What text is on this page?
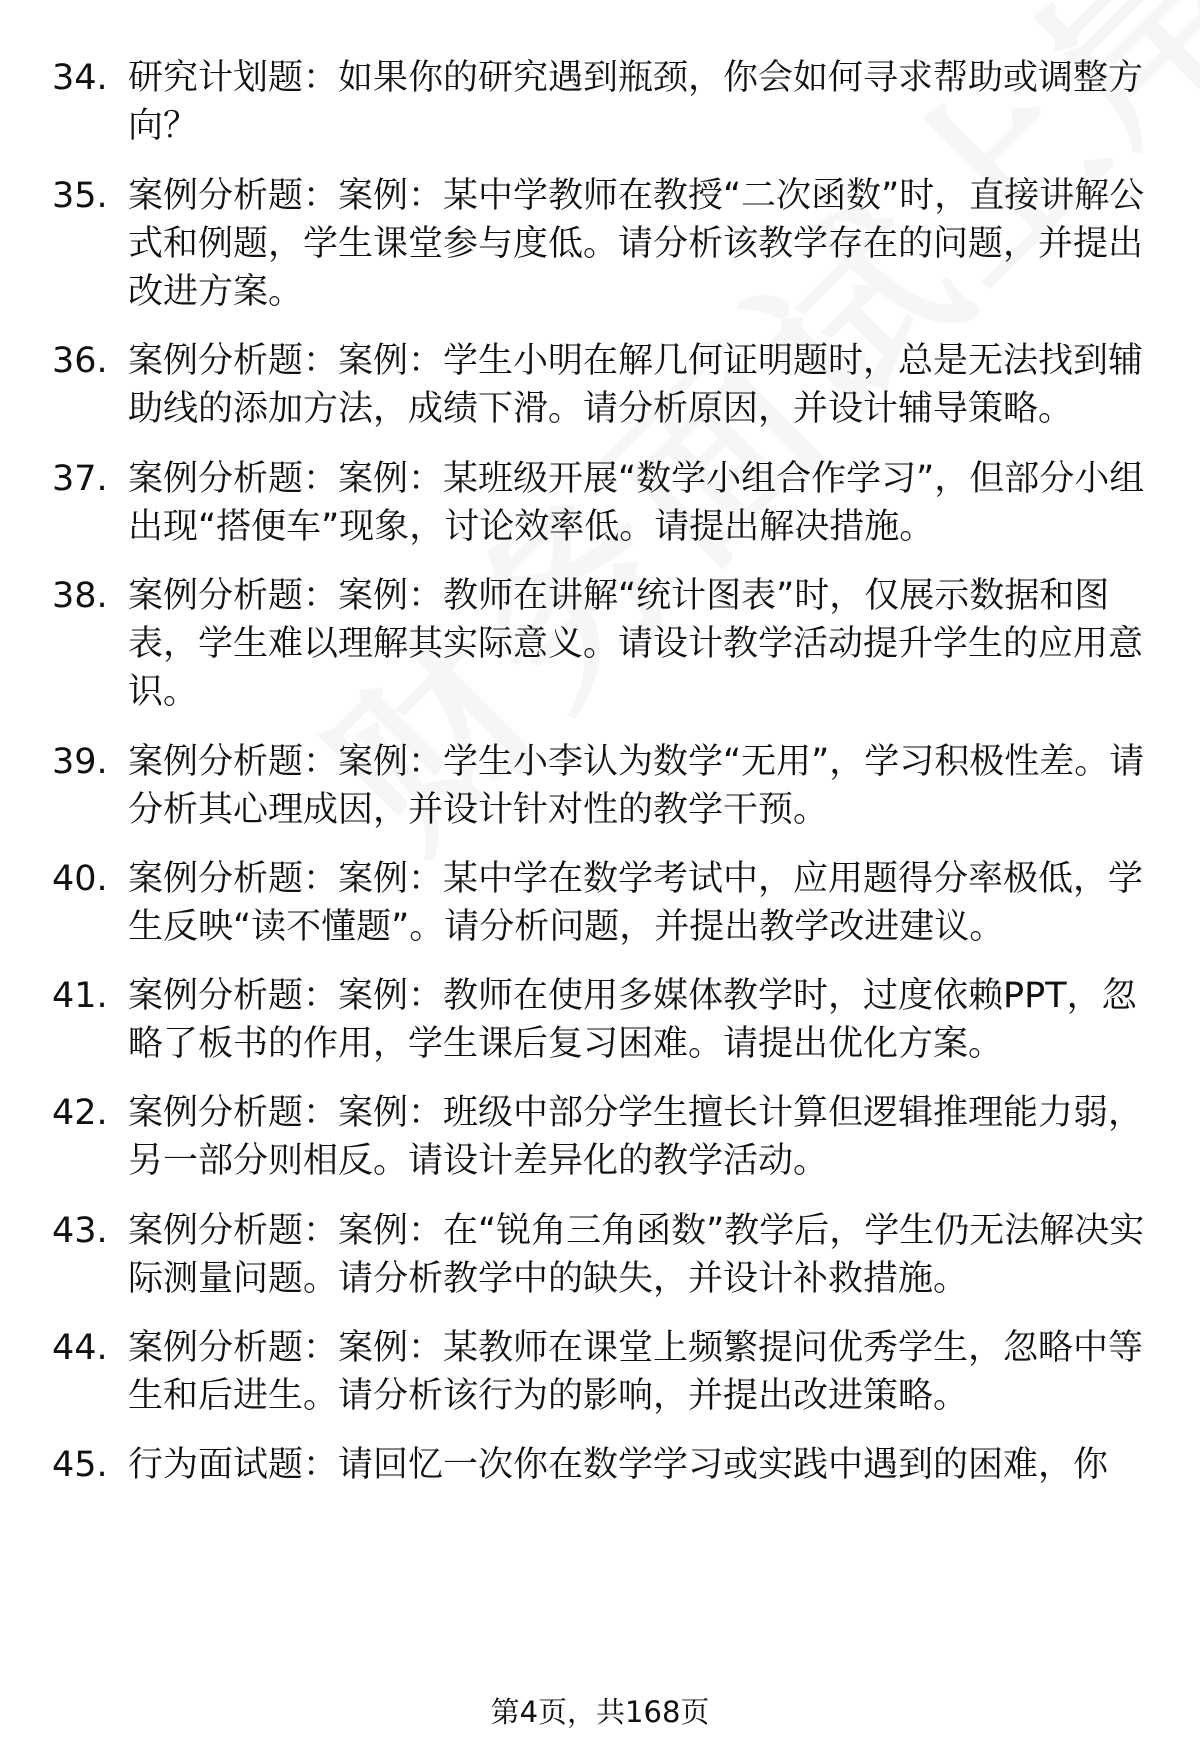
34. 研究计划题：如果你的研究遇到瓶颈，你会如何寻求帮助或调整方向？
35. 案例分析题：案例：某中学教师在教授“二次函数”时，直接讲解公式和例题，学生课堂参与度低。请分析该教学存在的问题，并提出改进方案。
36. 案例分析题：案例：学生小明在解几何证明题时，总是无法找到辅助线的添加方法，成绩下滑。请分析原因，并设计辅导策略。
37. 案例分析题：案例：某班级开展“数学小组合作学习”，但部分小组出现“搭便车”现象，讨论效率低。请提出解决措施。
38. 案例分析题：案例：教师在讲解“统计图表”时，仅展示数据和图表，学生难以理解其实际意义。请设计教学活动提升学生的应用意识。
39. 案例分析题：案例：学生小李认为数学“无用”，学习积极性差。请分析其心理成因，并设计针对性的教学干预。
40. 案例分析题：案例：某中学在数学考试中，应用题得分率极低，学生反映“读不懂题”。请分析问题，并提出教学改进建议。
41. 案例分析题：案例：教师在使用多媒体教学时，过度依赖PPT，忽略了板书的作用，学生课后复习困难。请提出优化方案。
42. 案例分析题：案例：班级中部分学生擅长计算但逻辑推理能力弱，另一部分则相反。请设计差异化的教学活动。
43. 案例分析题：案例：在“锐角三角函数”教学后，学生仍无法解决实际测量问题。请分析教学中的缺失，并设计补救措施。
44. 案例分析题：案例：某教师在课堂上频繁提问优秀学生，忽略中等生和后进生。请分析该行为的影响，并提出改进策略。
45. 行为面试题：请回忆一次你在数学学习或实践中遇到的困难，你
第4页，共168页
